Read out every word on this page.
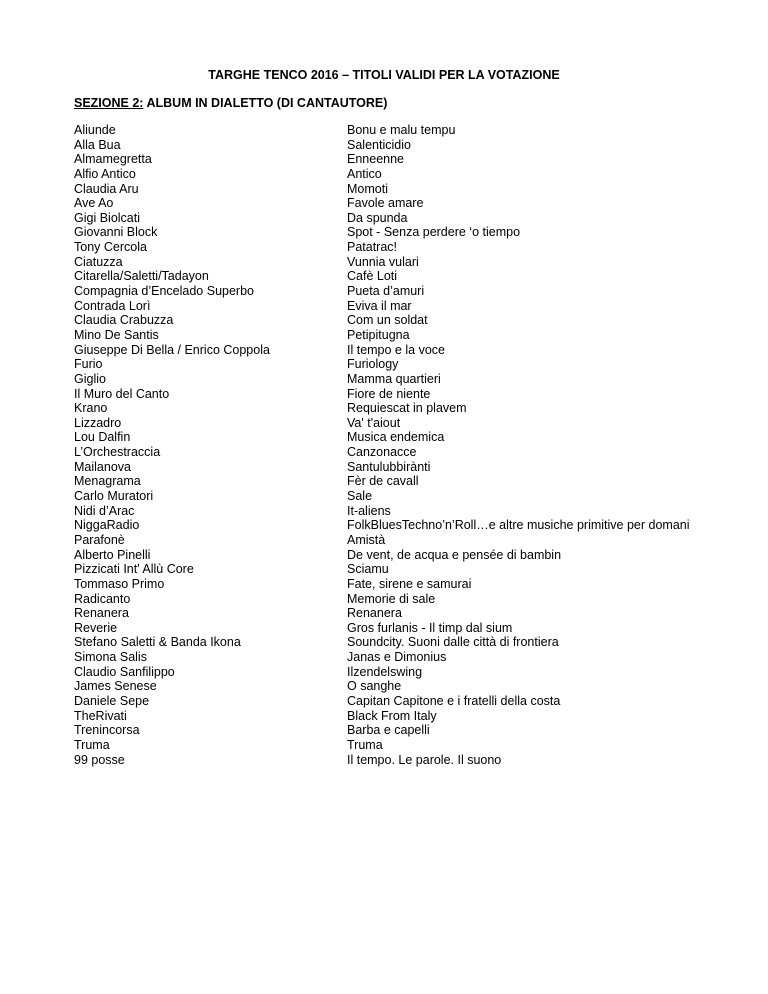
TARGHE TENCO 2016 – TITOLI VALIDI PER LA VOTAZIONE
SEZIONE 2: ALBUM IN DIALETTO (DI CANTAUTORE)
Aliunde
Alla Bua
Almamegretta
Alfio Antico
Claudia Aru
Ave Ao
Gigi Biolcati
Giovanni Block
Tony Cercola
Ciatuzza
Citarella/Saletti/Tadayon
Compagnia d’Encelado Superbo
Contrada Lorì
Claudia Crabuzza
Mino De Santis
Giuseppe Di Bella / Enrico Coppola
Furio
Giglio
Il Muro del Canto
Krano
Lizzadro
Lou Dalfin
L’Orchestraccia
Mailanova
Menagrama
Carlo Muratori
Nidi d’Arac
NiggaRadio
Parafonè
Alberto Pinelli
Pizzicati Int' Allù Core
Tommaso Primo
Radicanto
Renanera
Reverie
Stefano Saletti & Banda Ikona
Simona Salis
Claudio Sanfilippo
James Senese
Daniele Sepe
TheRivati
Trenincorsa
Truma
99 posse
Bonu e malu tempu
Salenticidio
Enneenne
Antico
Momoti
Favole amare
Da spunda
Spot - Senza perdere ‘o tiempo
Patatrac!
Vunnia vulari
Cafè Loti
Pueta d’amuri
Eviva il mar
Com un soldat
Petipitugna
Il tempo e la voce
Furiology
Mamma quartieri
Fiore de niente
Requiescat in plavem
Va' t'aiout
Musica endemica
Canzonacce
Santulubbirànti
Fèr de cavall
Sale
It-aliens
FolkBluesTechno’n’Roll…e altre musiche primitive per domani
Amistà
De vent, de acqua e pensée di bambin
Sciamu
Fate, sirene e samurai
Memorie di sale
Renanera
Gros furlanis - Il timp dal sium
Soundcity. Suoni dalle città di frontiera
Janas e Dimonius
Ilzendelswing
O sanghe
Capitan Capitone e i fratelli della costa
Black From Italy
Barba e capelli
Truma
Il tempo. Le parole. Il suono
